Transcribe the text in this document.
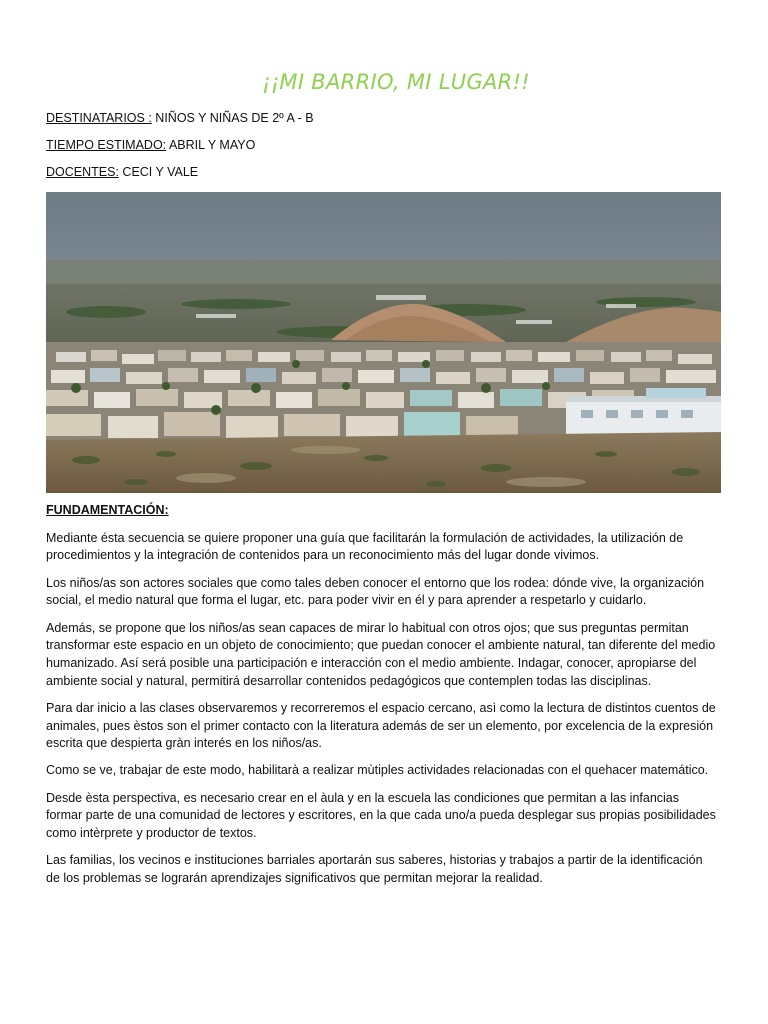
¡¡MI BARRIO, MI LUGAR!!
DESTINATARIOS : NIÑOS Y NIÑAS DE 2º A - B
TIEMPO ESTIMADO: ABRIL Y MAYO
DOCENTES: CECI Y VALE
FUNDAMENTACIÓN:

Mediante ésta secuencia se quiere proponer una guía que facilitarán la formulación de actividades, la utilización de procedimientos y la integración de contenidos para un reconocimiento más del lugar donde vivimos.

Los niños/as son actores sociales que como tales deben conocer el entorno que los rodea: dónde vive, la organización social, el medio natural que forma el lugar, etc. para poder vivir en él y para aprender a respetarlo y cuidarlo.

Además, se propone que los niños/as sean capaces de mirar lo habitual con otros ojos; que sus preguntas permitan transformar este espacio en un objeto de conocimiento; que puedan conocer el ambiente natural, tan diferente del medio humanizado. Así será posible una participación e interacción con el medio ambiente. Indagar, conocer, apropiarse del ambiente social y natural, permitirá desarrollar contenidos pedagógicos que contemplen todas las disciplinas.

Para dar inicio a las clases observaremos y recorreremos el espacio cercano, asì como la lectura de distintos cuentos de animales, pues èstos son el primer contacto con la literatura además de ser un elemento, por excelencia de la expresión escrita que despierta gràn interés en los niños/as.

Como se ve, trabajar de este modo, habilitarà a realizar mùtiples actividades relacionadas con el quehacer matemático.

Desde èsta perspectiva, es necesario crear en el àula y en la escuela las condiciones que permitan a las infancias formar parte de una comunidad de lectores y escritores, en la que cada uno/a pueda desplegar sus propias posibilidades como intèrprete y productor de textos.

Las familias, los vecinos e instituciones barriales aportarán sus saberes, historias y trabajos a partir de la identificación de los problemas se lograrán aprendizajes significativos que permitan mejorar la realidad.
